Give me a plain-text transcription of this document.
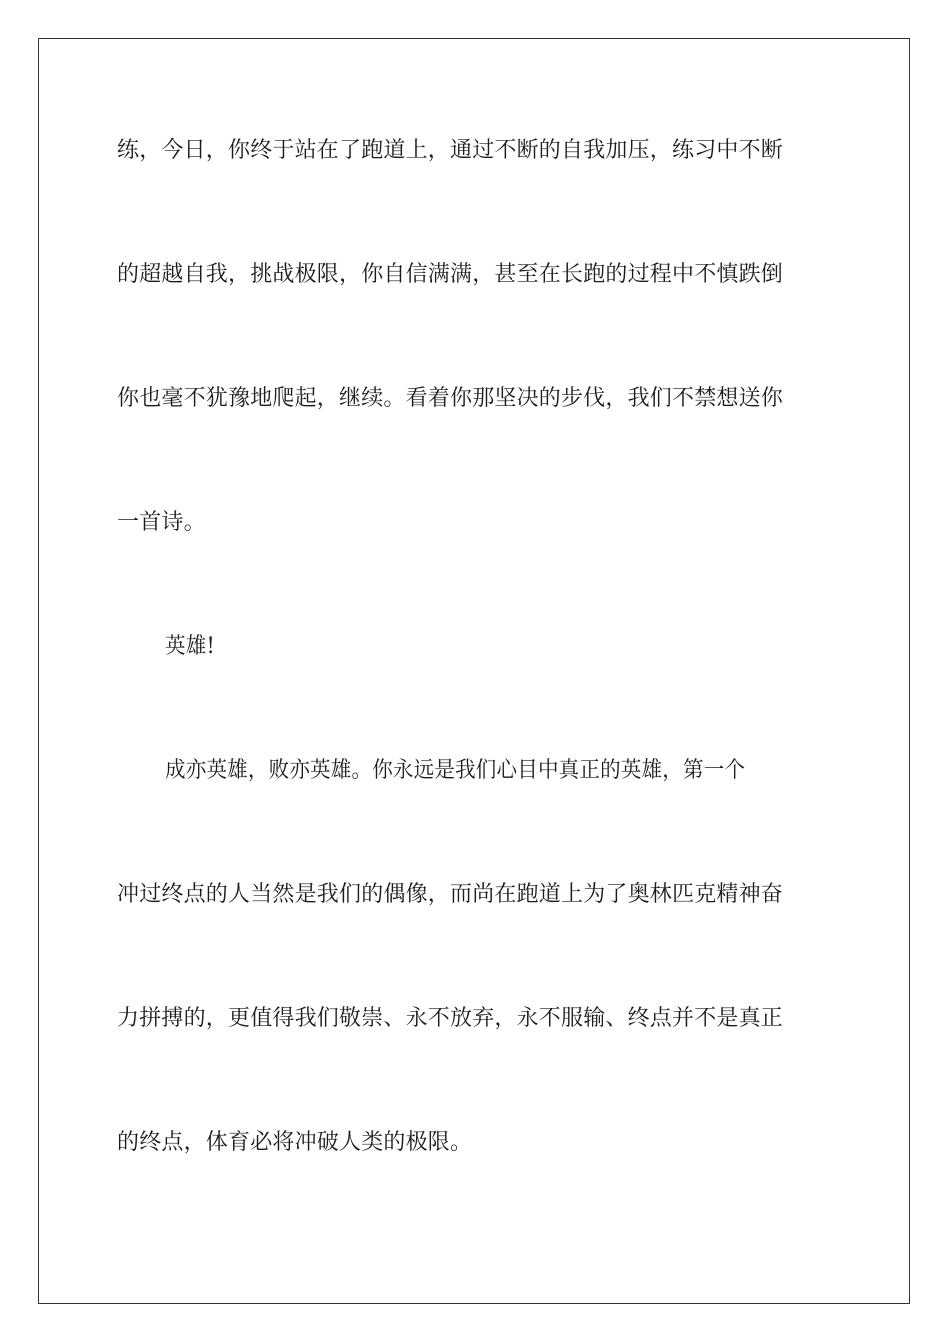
练，今日，你终于站在了跑道上，通过不断的自我加压，练习中不断
的超越自我，挑战极限，你自信满满，甚至在长跑的过程中不慎跌倒
你也毫不犹豫地爬起，继续。看着你那坚决的步伐，我们不禁想送你
一首诗。
英雄!
成亦英雄，败亦英雄。你永远是我们心目中真正的英雄，第一个
冲过终点的人当然是我们的偶像，而尚在跑道上为了奥林匹克精神奋
力拼搏的，更值得我们敬崇、永不放弃，永不服输、终点并不是真正
的终点，体育必将冲破人类的极限。
